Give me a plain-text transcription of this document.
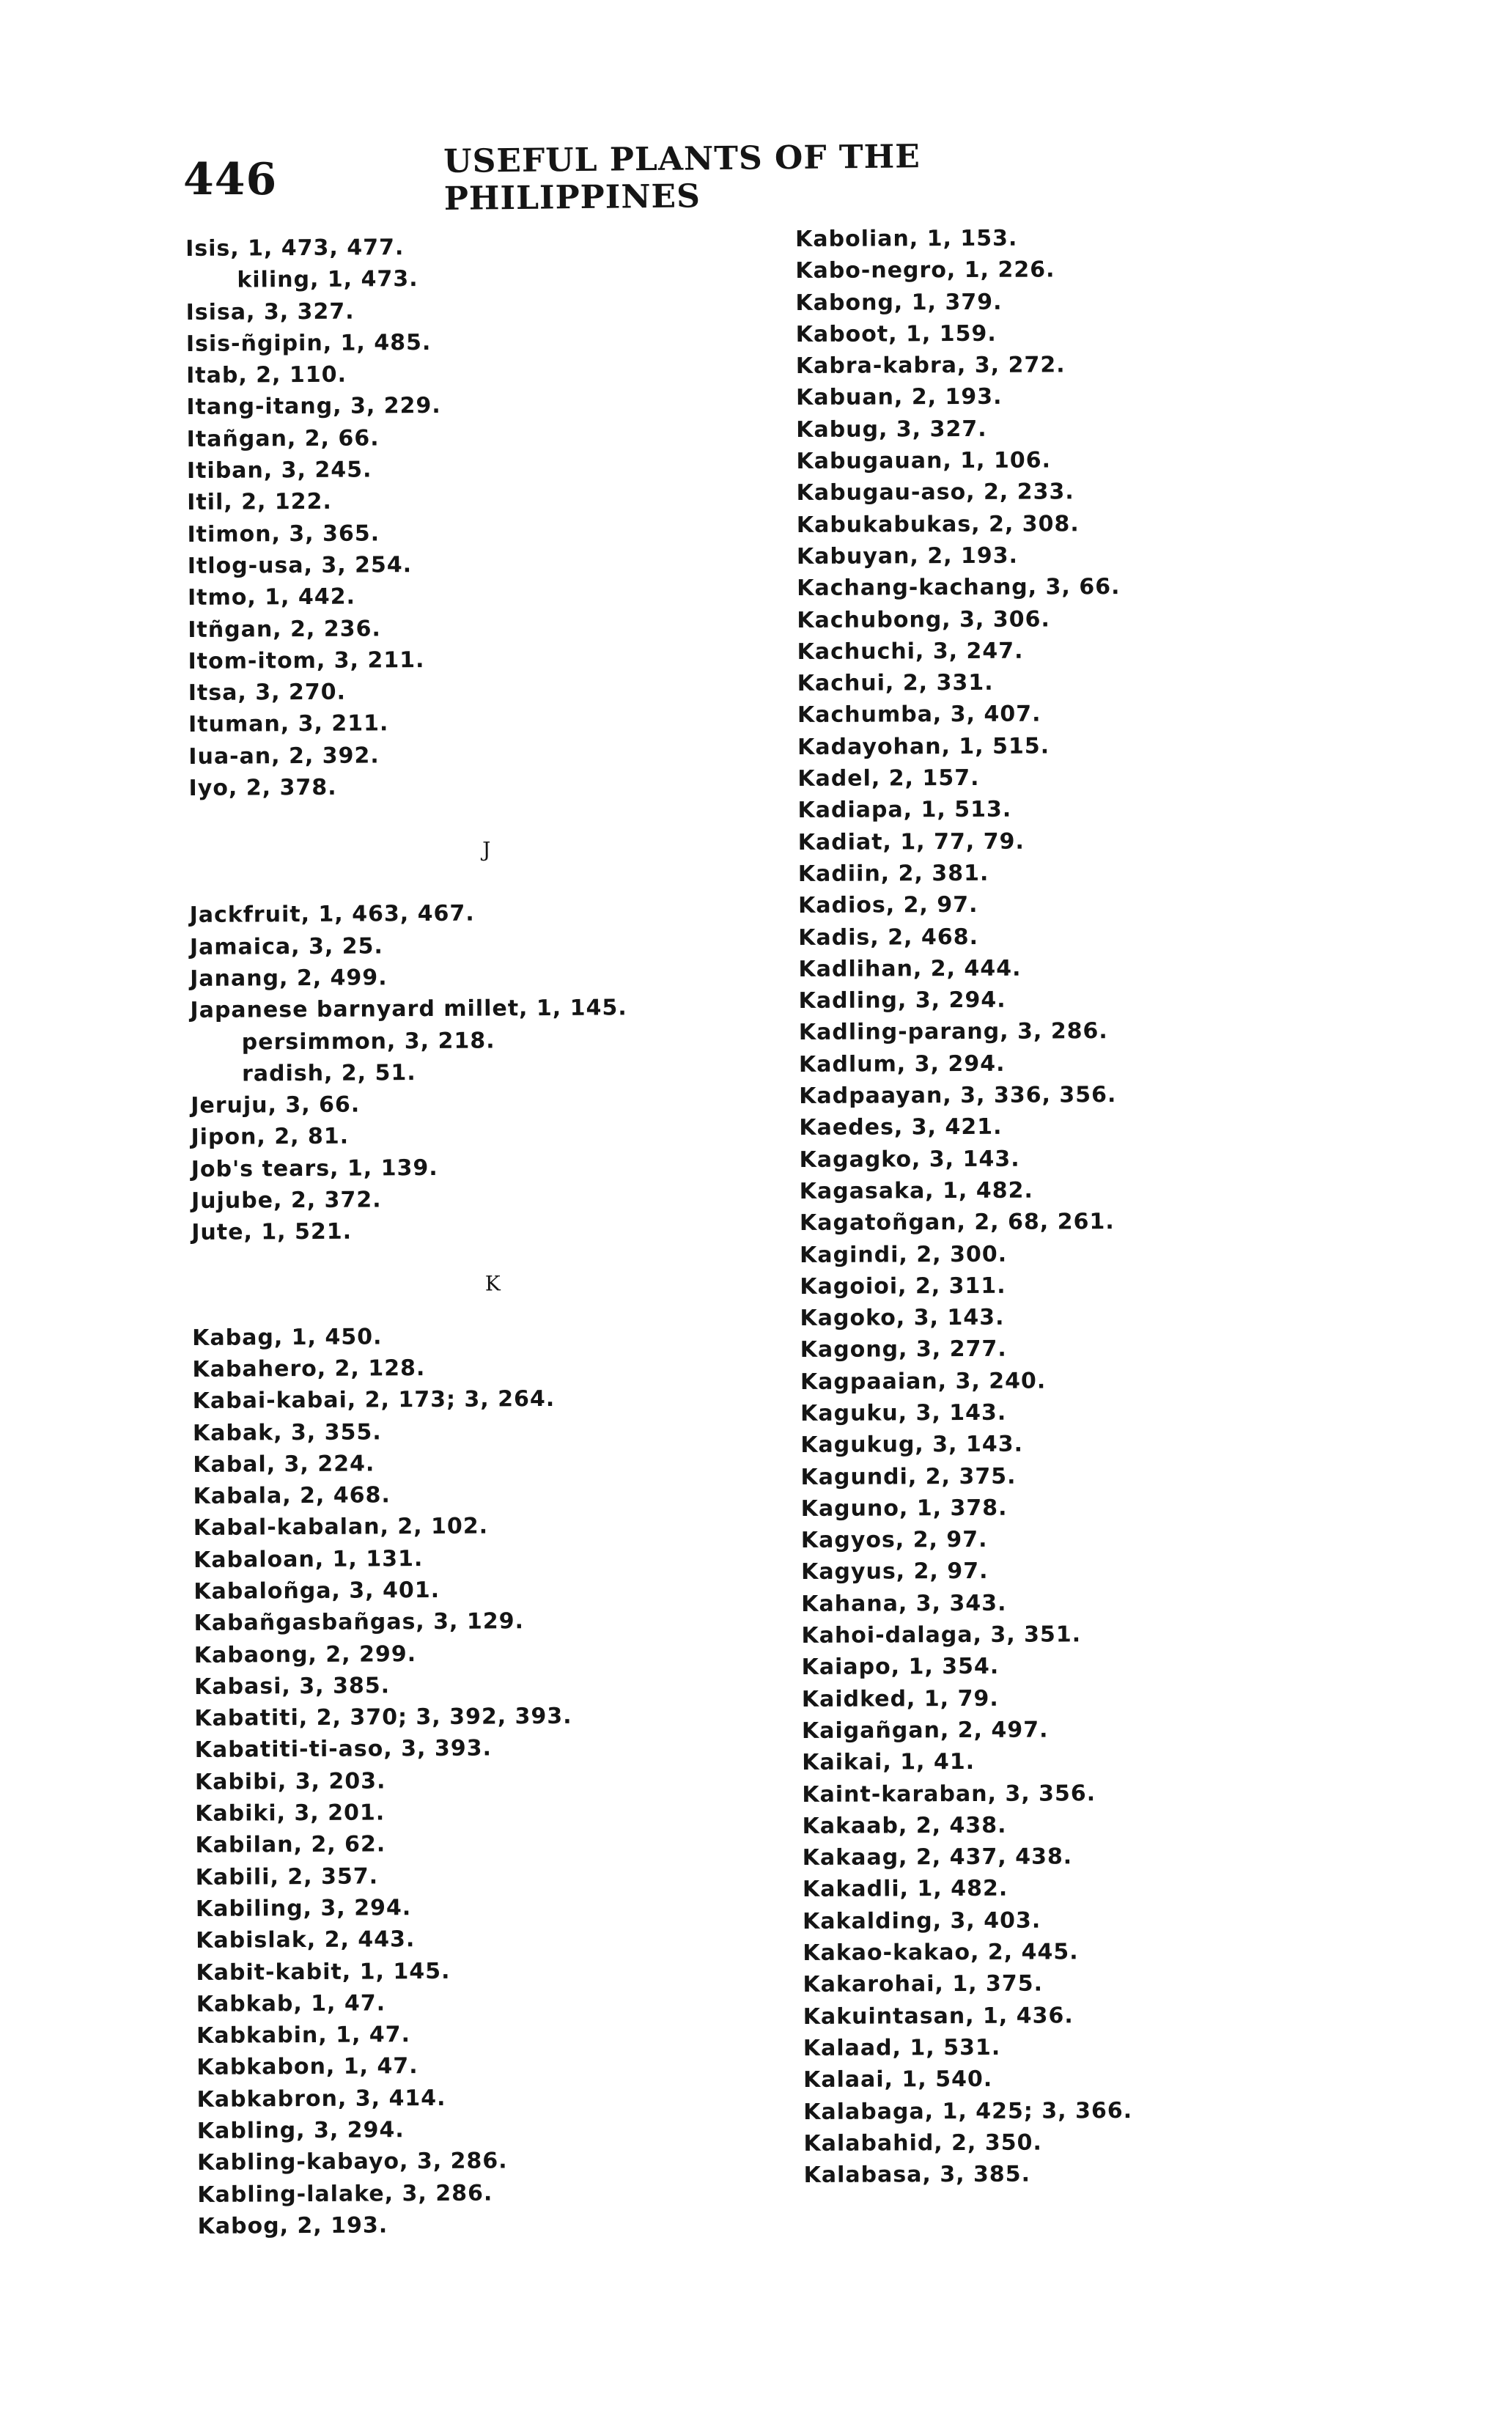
446	USEFUL PLANTS OF THE PHILIPPINES
Isis, 1, 473, 477.
kiling, 1, 473.
Isisa, 3, 327.
Isis-ñgipin, 1, 485.
Itab, 2, 110.
Itang-itang, 3, 229.
Itañgan, 2, 66.
Itiban, 3, 245.
Itil, 2, 122.
Itimon, 3, 365.
Itlog-usa, 3, 254.
Itmo, 1, 442.
Itñgan, 2, 236.
Itom-itom, 3, 211.
Itsa, 3, 270.
Ituman, 3, 211.
Iua-an, 2, 392.
Iyo, 2, 378.
J
Jackfruit, 1, 463, 467.
Jamaica, 3, 25.
Janang, 2, 499.
Japanese barnyard millet, 1, 145.
persimmon, 3, 218.
radish, 2, 51.
Jeruju, 3, 66.
Jipon, 2, 81.
Job's tears, 1, 139.
Jujube, 2, 372.
Jute, 1, 521.
K
Kabag, 1, 450.
Kabahero, 2, 128.
Kabai-kabai, 2, 173; 3, 264.
Kabak, 3, 355.
Kabal, 3, 224.
Kabala, 2, 468.
Kabal-kabalan, 2, 102.
Kabaloan, 1, 131.
Kabaloñga, 3, 401.
Kabañgasbañgas, 3, 129.
Kabaong, 2, 299.
Kabasi, 3, 385.
Kabatiti, 2, 370; 3, 392, 393.
Kabatiti-ti-aso, 3, 393.
Kabibi, 3, 203.
Kabiki, 3, 201.
Kabilan, 2, 62.
Kabili, 2, 357.
Kabiling, 3, 294.
Kabislak, 2, 443.
Kabit-kabit, 1, 145.
Kabkab, 1, 47.
Kabkabin, 1, 47.
Kabkabon, 1, 47.
Kabkabron, 3, 414.
Kabling, 3, 294.
Kabling-kabayo, 3, 286.
Kabling-lalake, 3, 286.
Kabog, 2, 193.
Kabolian, 1, 153.
Kabo-negro, 1, 226.
Kabong, 1, 379.
Kaboot, 1, 159.
Kabra-kabra, 3, 272.
Kabuan, 2, 193.
Kabug, 3, 327.
Kabugauan, 1, 106.
Kabugau-aso, 2, 233.
Kabukabukas, 2, 308.
Kabuyan, 2, 193.
Kachang-kachang, 3, 66.
Kachubong, 3, 306.
Kachuchi, 3, 247.
Kachui, 2, 331.
Kachumba, 3, 407.
Kadayohan, 1, 515.
Kadel, 2, 157.
Kadiapa, 1, 513.
Kadiat, 1, 77, 79.
Kadiin, 2, 381.
Kadios, 2, 97.
Kadis, 2, 468.
Kadlihan, 2, 444.
Kadling, 3, 294.
Kadling-parang, 3, 286.
Kadlum, 3, 294.
Kadpaayan, 3, 336, 356.
Kaedes, 3, 421.
Kagagko, 3, 143.
Kagasaka, 1, 482.
Kagatoñgan, 2, 68, 261.
Kagindi, 2, 300.
Kagoioi, 2, 311.
Kagoko, 3, 143.
Kagong, 3, 277.
Kagpaaian, 3, 240.
Kaguku, 3, 143.
Kagukug, 3, 143.
Kagundi, 2, 375.
Kaguno, 1, 378.
Kagyos, 2, 97.
Kagyus, 2, 97.
Kahana, 3, 343.
Kahoi-dalaga, 3, 351.
Kaiapo, 1, 354.
Kaidked, 1, 79.
Kaigañgan, 2, 497.
Kaikai, 1, 41.
Kaint-karaban, 3, 356.
Kakaab, 2, 438.
Kakaag, 2, 437, 438.
Kakadli, 1, 482.
Kakalding, 3, 403.
Kakao-kakao, 2, 445.
Kakarohai, 1, 375.
Kakuintasan, 1, 436.
Kalaad, 1, 531.
Kalaai, 1, 540.
Kalabaga, 1, 425; 3, 366.
Kalabahid, 2, 350.
Kalabasa, 3, 385.
